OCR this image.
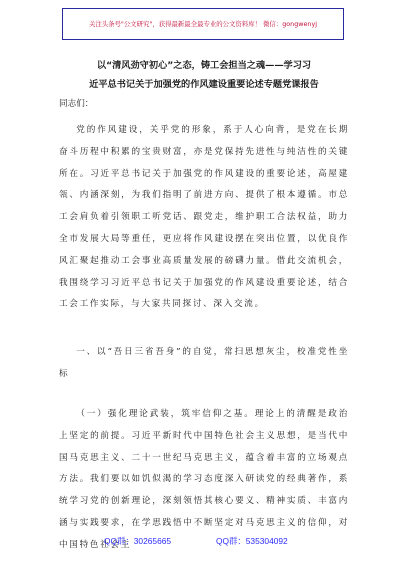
关注头条号"公文研究"，获得最新最全最专业的公文资料库！ 微信：gongwenyj
以“清风劲守初心”之态，铸工会担当之魂——学习习
近平总书记关于加强党的作风建设重要论述专题党课报告
同志们：

党的作风建设，关乎党的形象，系于人心向背，是党在长期奋斗历程中积累的宝贵财富，亦是党保持先进性与纯洁性的关键所在。习近平总书记关于加强党的作风建设的重要论述，高屋建瓴、内涵深刻，为我们指明了前进方向、提供了根本遵循。市总工会肩负着引领职工听党话、跟党走，维护职工合法权益，助力全市发展大局等重任，更应将作风建设摆在突出位置，以优良作风汇聚起推动工会事业高质量发展的磅礴力量。借此交流机会，我围绕学习习近平总书记关于加强党的作风建设重要论述，结合工会工作实际，与大家共同探讨、深入交流。

一、以“吾日三省吾身”的自觉，常扫思想灰尘，校准党性坐标

（一）强化理论武装，筑牢信仰之基。理论上的清醒是政治上坚定的前提。习近平新时代中国特色社会主义思想，是当代中国马克思主义、二十一世纪马克思主义，蕴含着丰富的立场观点方法。我们要以如饥似渴的学习态度深入研读党的经典著作，系统学习党的创新理论，深刻领悟其核心要义、精神实质、丰富内涵与实践要求，在学思践悟中不断坚定对马克思主义的信仰，对中国特色社会主

QQ群：30265665	QQ群：535304092
